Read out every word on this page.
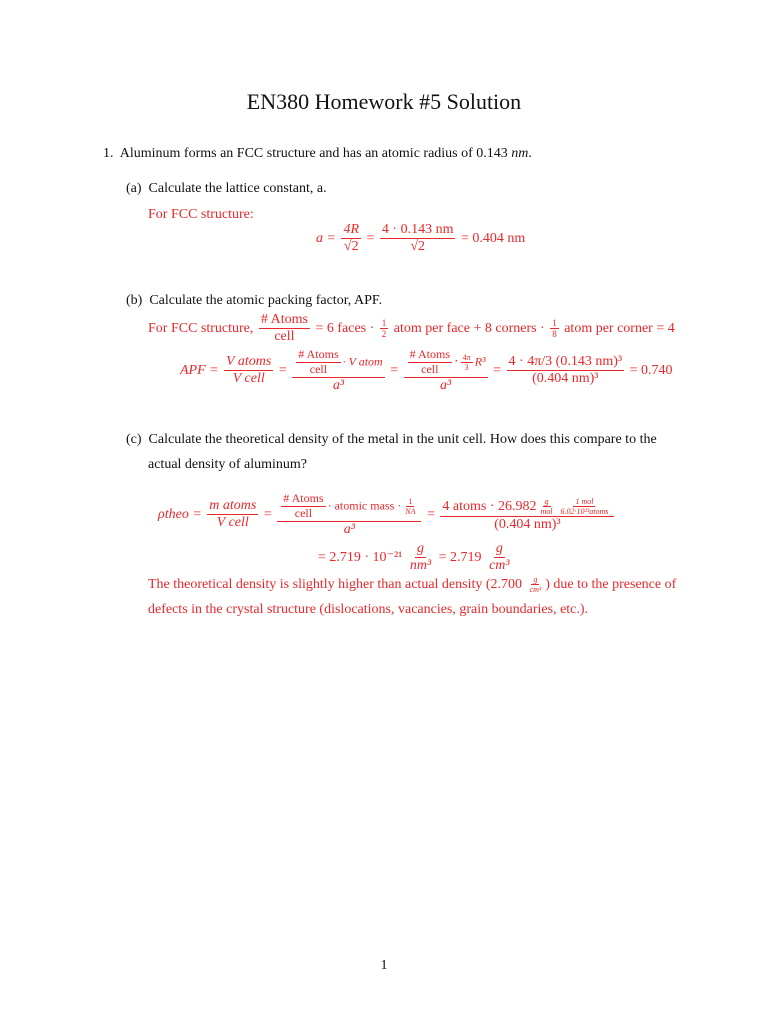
EN380 Homework #5 Solution
1. Aluminum forms an FCC structure and has an atomic radius of 0.143 nm.
(a) Calculate the lattice constant, a.
For FCC structure:
$a = \frac{4R}{√2} = \frac{4 \cdot 0.143 nm}{√2} = 0.404$ nm
(b) Calculate the atomic packing factor, APF.
For FCC structure, $\frac{\text{\# Atoms}}{\text{cell}} = 6$ faces · $\frac{1}{2}$ atom per face + 8 corners · $\frac{1}{8}$ atom per corner = 4
APF = $\frac{\text{V atoms}}{\text{V cell}} = \frac{\frac{\text{\# Atoms}}{\text{cell}} \cdot V atom}{\text{a³}} = \frac{\frac{\text{\# Atoms}}{\text{cell}} \cdot \frac{4\pi}{3} R^3}{\text{a³}} = \frac{\text{4 · 4π/3 (0.143 nm)³}}{\text{(0.404 nm)³}} = 0.740$
(c) Calculate the theoretical density of the metal in the unit cell. How does this compare to the
actual density of aluminum?
ρtheo = $\frac{\text{m atoms}}{\text{V cell}} = \frac{\text{\# Atoms}}{\text{cell}}$ · atomic mass · $\frac{1}{NA}$
a³
=
4 atoms · $26.982 \frac{g}{\text{mol}} \frac{\text{1 mol}}{\text{6.02·10²³atoms}}$
(0.404 nm)³
= $2.719 \cdot 10^{-21} \frac{g}{\text{nm³}} = 2.719 \frac{g}{\text{cm³}}$
The theoretical density is slightly higher than actual density ($2.700 \frac{g}{\text{cm³}}$ ) due to the presence of
defects in the crystal structure (dislocations, vacancies, grain boundaries, etc.).
1
